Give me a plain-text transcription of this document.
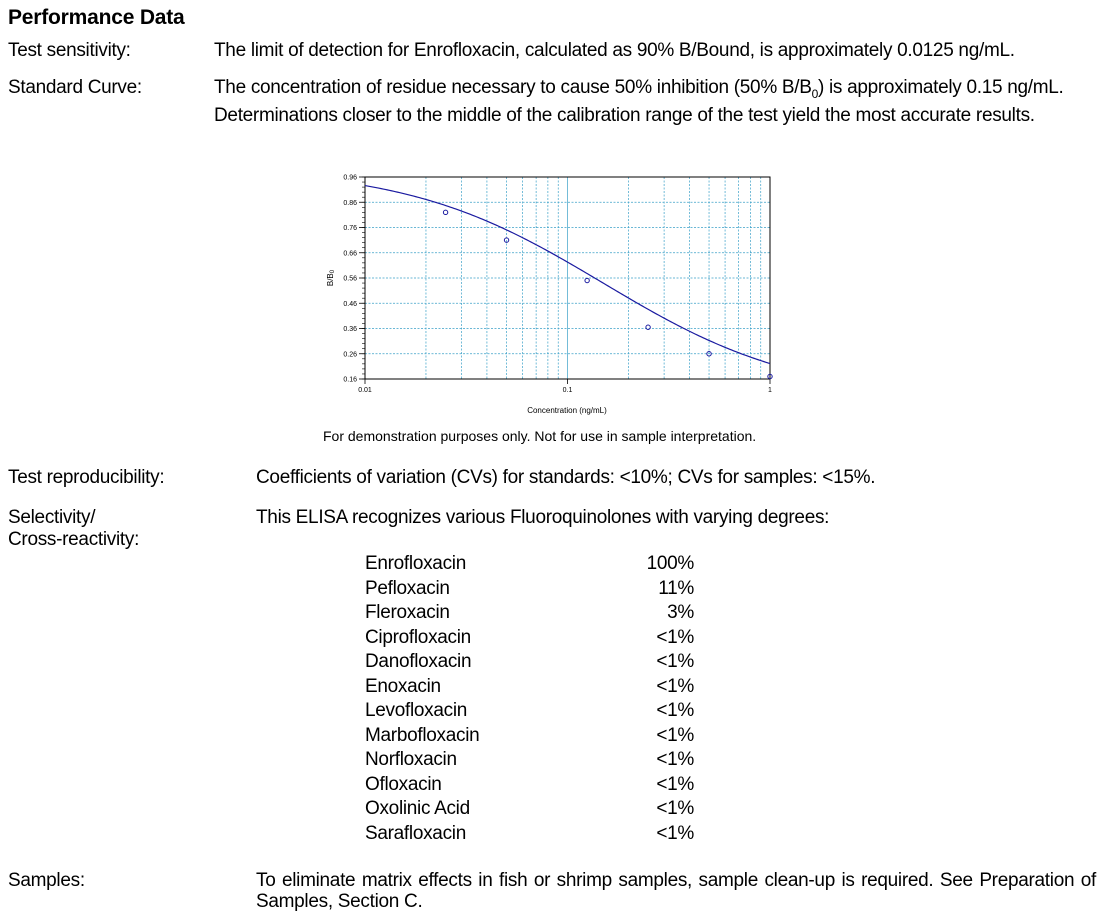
Performance Data
Test sensitivity:	The limit of detection for Enrofloxacin, calculated as 90% B/Bound, is approximately 0.0125 ng/mL.
Standard Curve:	The concentration of residue necessary to cause 50% inhibition (50% $B/B_0$) is approximately 0.15 ng/mL. Determinations closer to the middle of the calibration range of the test yield the most accurate results.
0.96
0.86
0.76
0.66
0.56
0.46
0.36
0.26
0.16
0.01	0.1	1
Concentration (ng/mL)
B/B0
For demonstration purposes only. Not for use in sample interpretation.
Test reproducibility:	Coefficients of variation (CVs) for standards: <10%; CVs for samples: <15%.
Selectivity/
Cross-reactivity:
This ELISA recognizes various Fluoroquinolones with varying degrees:
Enrofloxacin	100%
Pefloxacin	11%
Fleroxacin	3%
Ciprofloxacin	<1%
Danofloxacin	<1%
Enoxacin	<1%
Levofloxacin	<1%
Marbofloxacin	<1%
Norfloxacin	<1%
Ofloxacin	<1%
Oxolinic Acid	<1%
Sarafloxacin	<1%
Samples:	To eliminate matrix effects in fish or shrimp samples, sample clean-up is required. See Preparation of Samples, Section C.
